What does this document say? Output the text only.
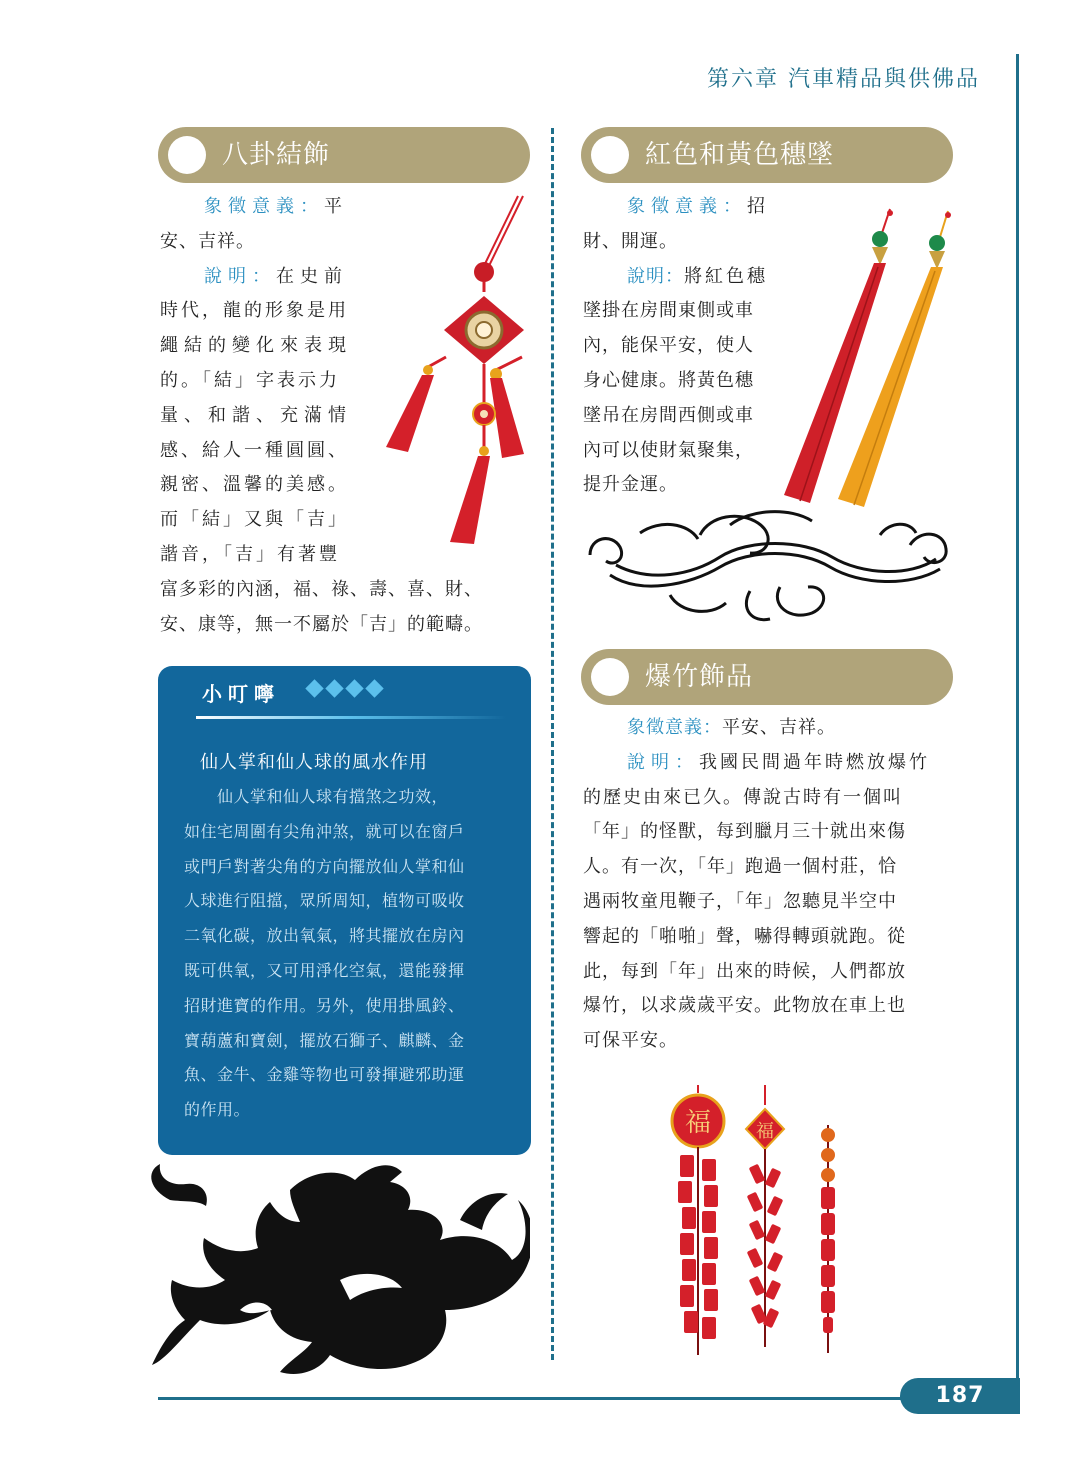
第六章 汽車精品與供佛品
187
八卦結飾

象徵意義：平

安、吉祥。

說明：在史前

時代，龍的形象是用

繩結的變化來表現

的。「結」字表示力

量、和諧、充滿情

感、給人一種圓圓、

親密、溫馨的美感。

而「結」又與「吉」

諧音，「吉」有著豐

富多彩的內涵，福、祿、壽、喜、財、

安、康等，無一不屬於「吉」的範疇。

小叮嚀
仙人掌和仙人球的風水作用

　　仙人掌和仙人球有擋煞之功效，

如住宅周圍有尖角沖煞，就可以在窗戶

或門戶對著尖角的方向擺放仙人掌和仙

人球進行阻擋，眾所周知，植物可吸收

二氧化碳，放出氧氣，將其擺放在房內

既可供氧，又可用淨化空氣，還能發揮

招財進寶的作用。另外，使用掛風鈴、

寶葫蘆和寶劍，擺放石獅子、麒麟、金

魚、金牛、金雞等物也可發揮避邪助運

的作用。

紅色和黃色穗墜

象徵意義：招

財、開運。

說明：將紅色穗

墜掛在房間東側或車

內，能保平安，使人

身心健康。將黃色穗

墜吊在房間西側或車

內可以使財氣聚集，

提升金運。

爆竹飾品

象徵意義：平安、吉祥。

說明：我國民間過年時燃放爆竹

的歷史由來已久。傳說古時有一個叫

「年」的怪獸，每到臘月三十就出來傷

人。有一次，「年」跑過一個村莊，恰

遇兩牧童甩鞭子，「年」忽聽見半空中

響起的「啪啪」聲，嚇得轉頭就跑。從

此，每到「年」出來的時候，人們都放

爆竹，以求歲歲平安。此物放在車上也

可保平安。

福 福
